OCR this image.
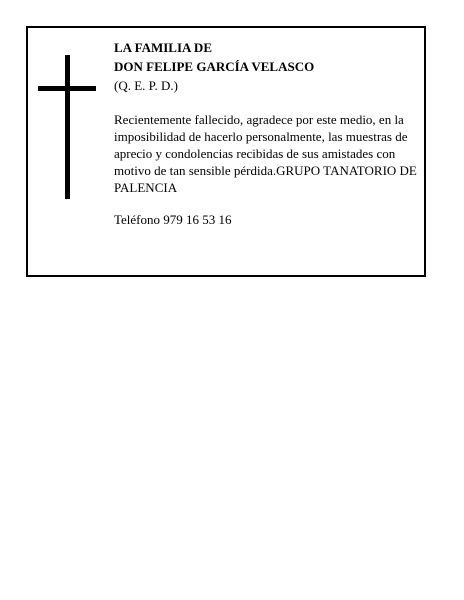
LA FAMILIA DE

DON FELIPE GARCÍA VELASCO

(Q. E. P. D.)

Recientemente fallecido, agradece por este medio, en la imposibilidad de hacerlo personalmente, las muestras de aprecio y condolencias recibidas de sus amistades con motivo de tan sensible pérdida.GRUPO TANATORIO DE PALENCIA

Teléfono 979 16 53 16
